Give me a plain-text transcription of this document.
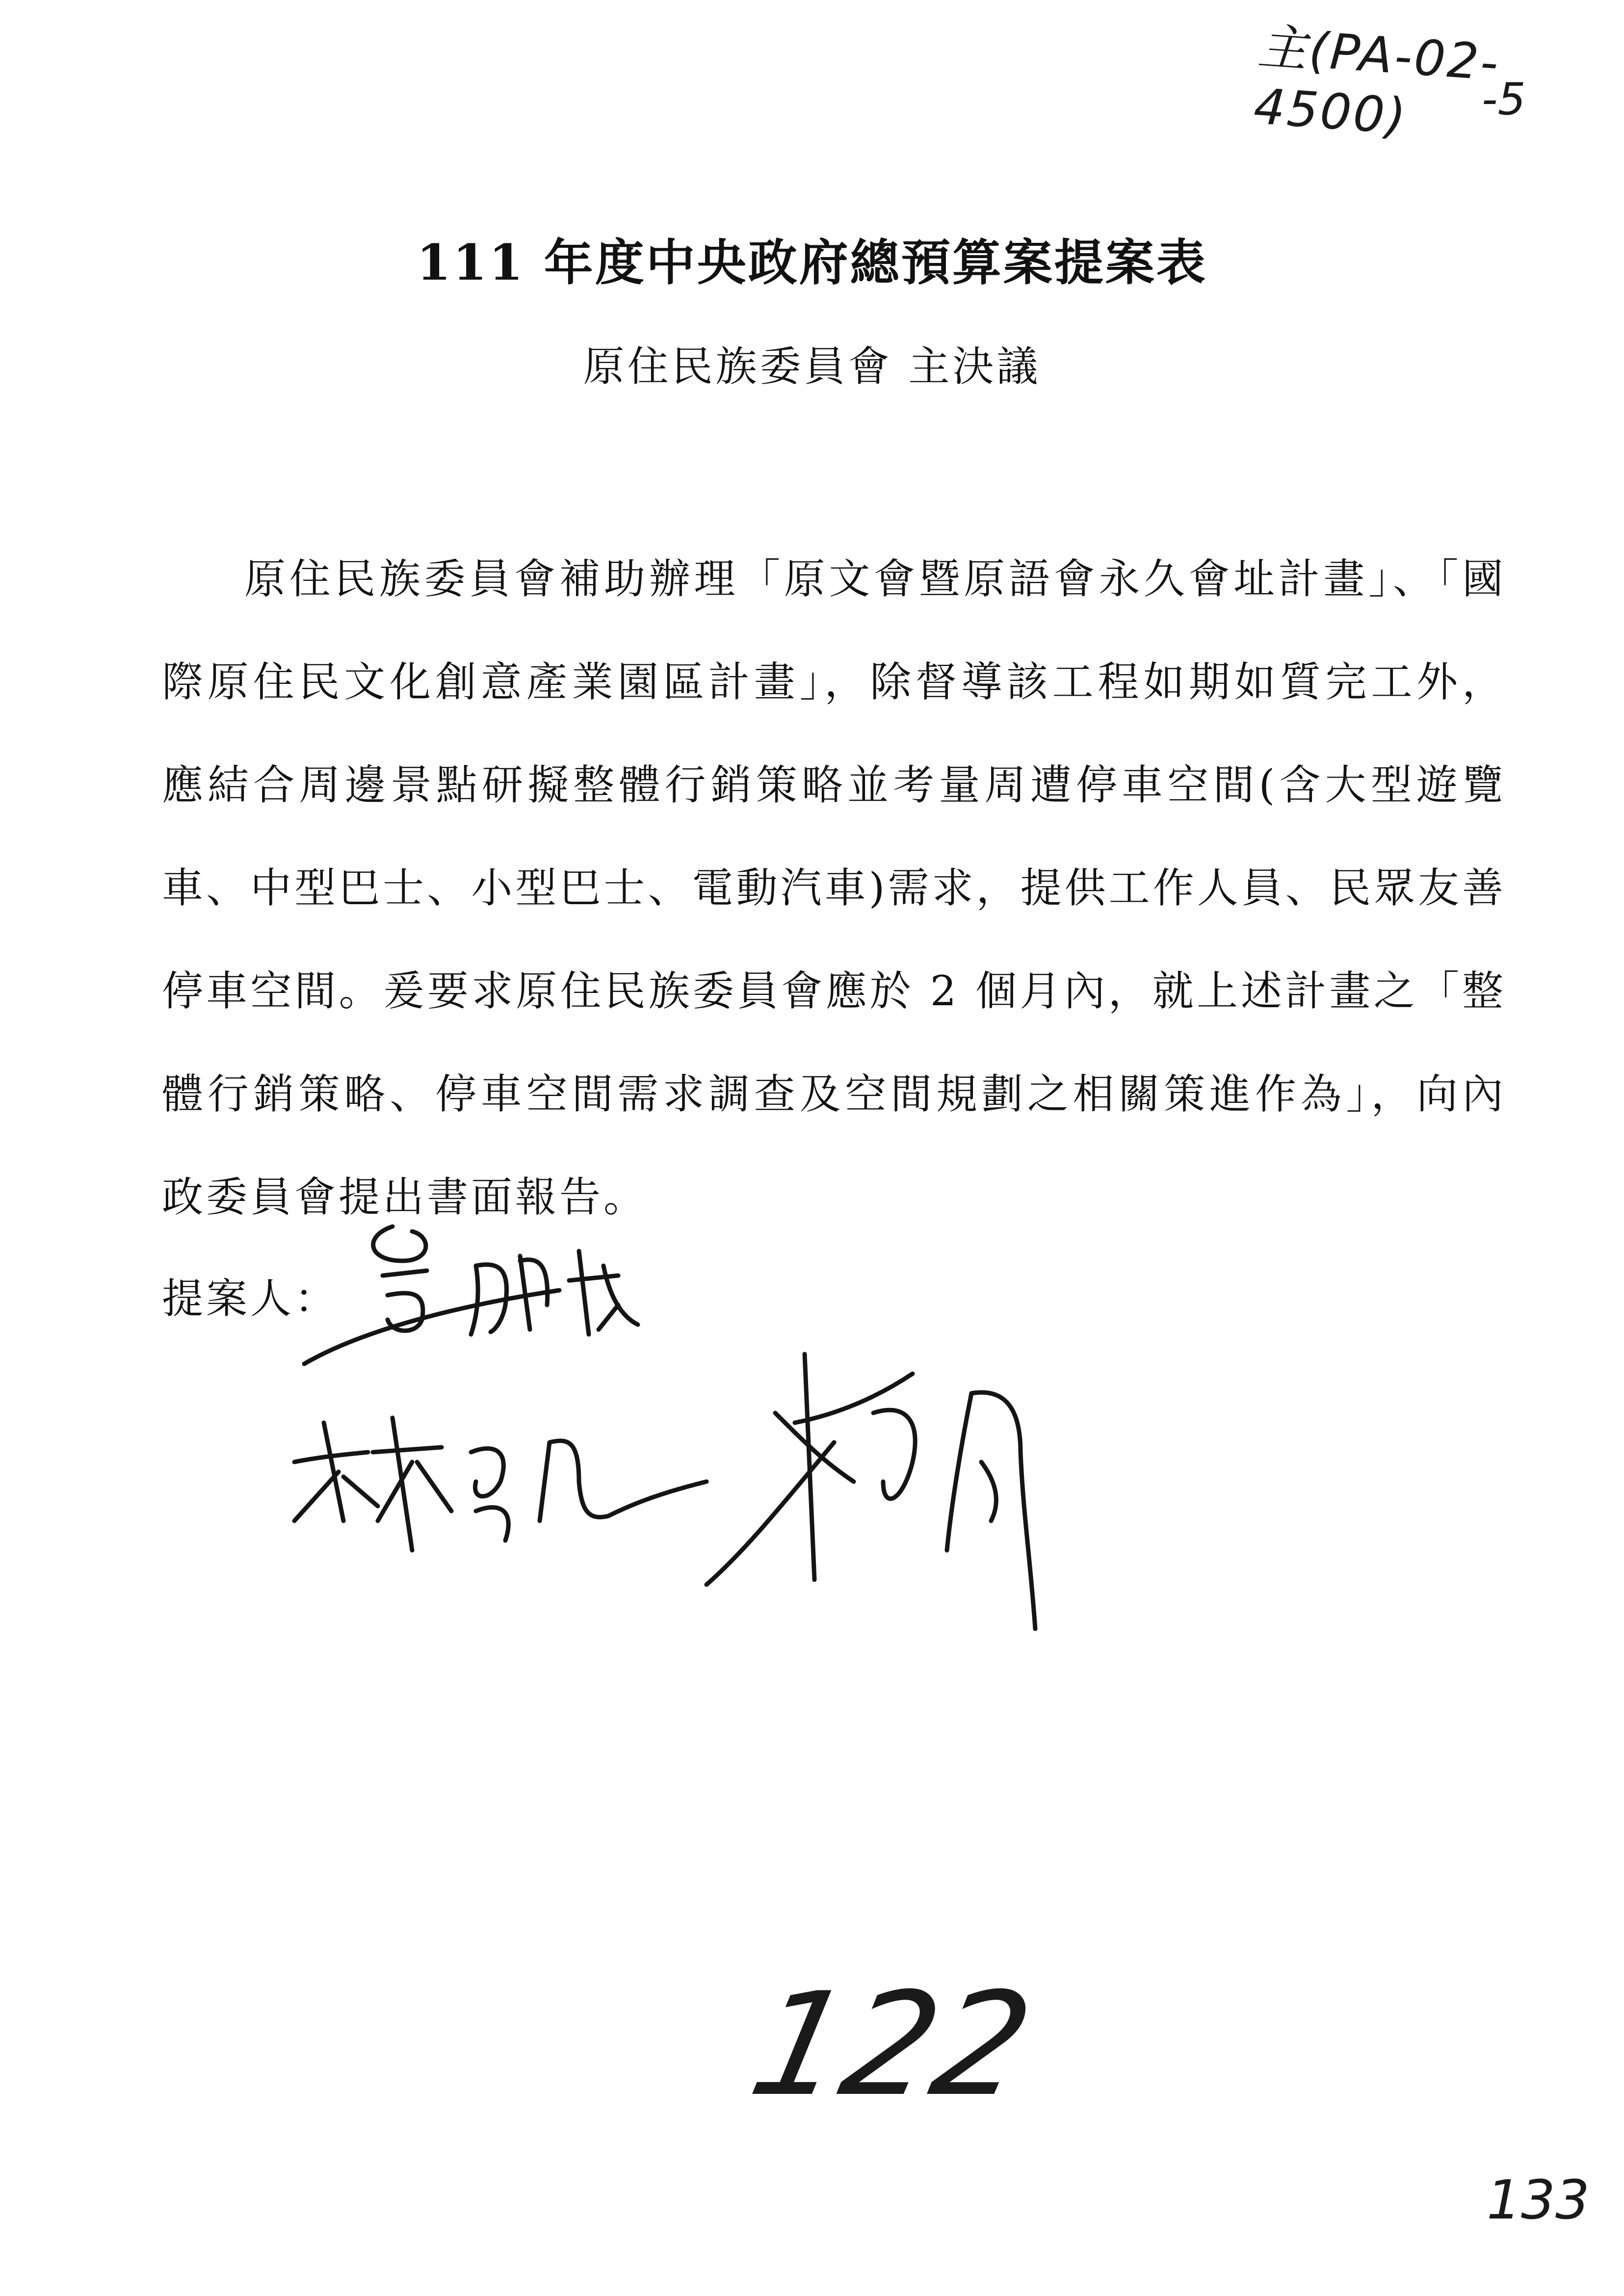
主(PA-02-4500)	-5
111 年度中央政府總預算案提案表
原住民族委員會 主決議

原住民族委員會補助辦理「原文會暨原語會永久會址計畫」、「國際原住民文化創意產業園區計畫」，除督導該工程如期如質完工外，應結合周邊景點研擬整體行銷策略並考量周遭停車空間(含大型遊覽車、中型巴士、小型巴士、電動汽車)需求，提供工作人員、民眾友善停車空間。爰要求原住民族委員會應於 2 個月內，就上述計畫之「整體行銷策略、停車空間需求調查及空間規劃之相關策進作為」，向內政委員會提出書面報告。

提案人：
122
133
